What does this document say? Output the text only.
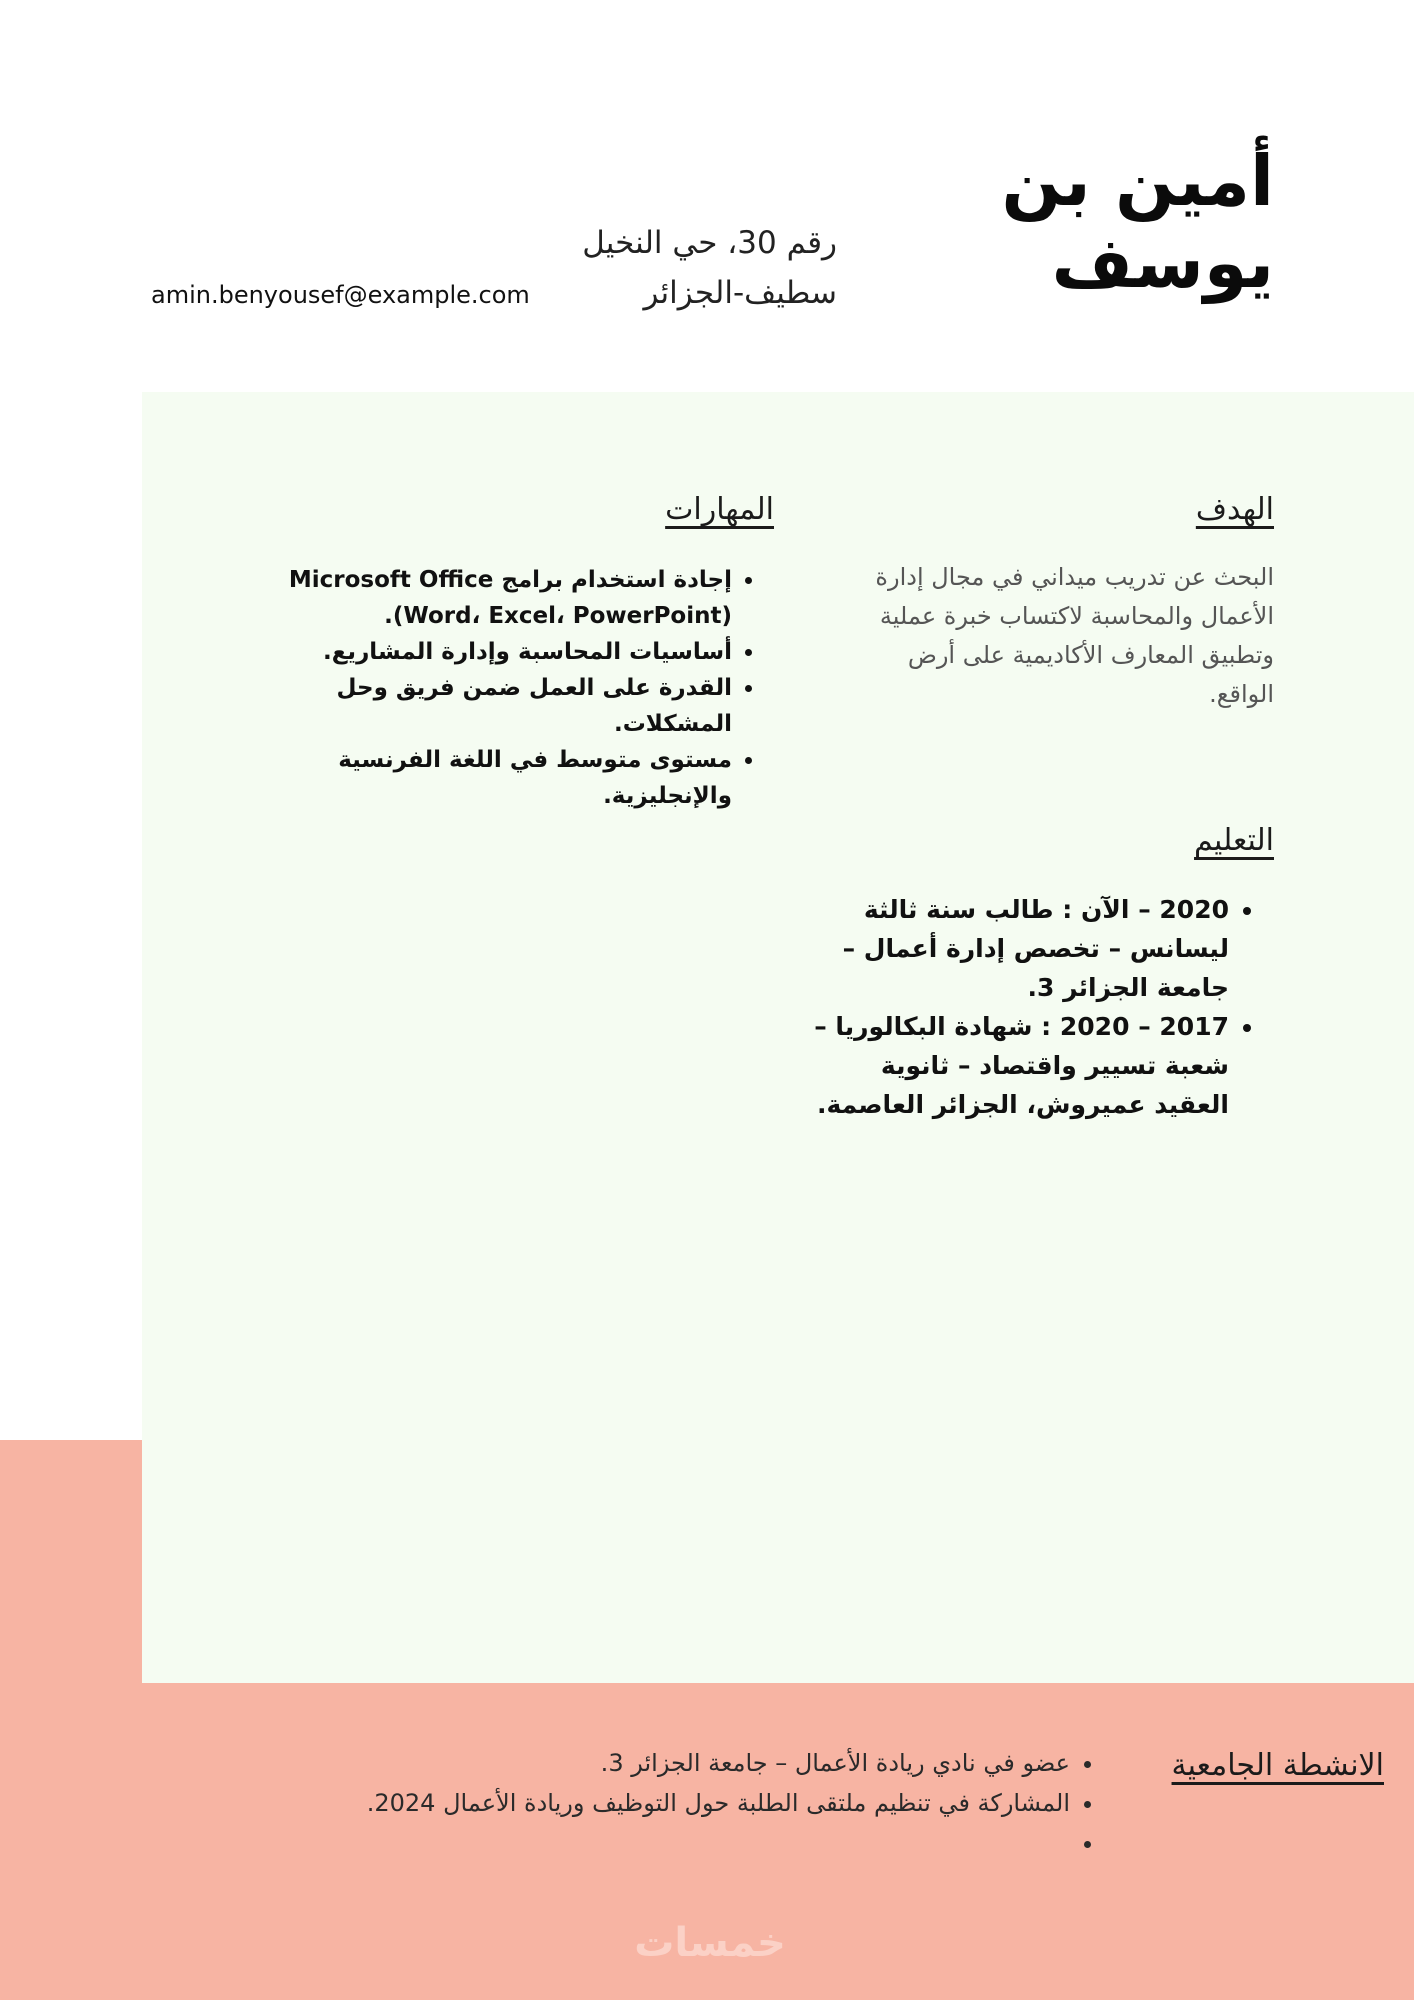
أمين بن
يوسف
رقم 30، حي النخيل
سطيف-الجزائر
amin.benyousef@example.com
الهدف

البحث عن تدريب ميداني في مجال إدارة الأعمال والمحاسبة لاكتساب خبرة عملية وتطبيق المعارف الأكاديمية على أرض الواقع.

التعليم
• 2020 – الآن : طالب سنة ثالثة ليسانس – تخصص إدارة أعمال – جامعة الجزائر 3.
• 2017 – 2020 : شهادة البكالوريا – شعبة تسيير واقتصاد – ثانوية العقيد عميروش، الجزائر العاصمة.
المهارات
• إجادة استخدام برامج Microsoft Office (Word، Excel، PowerPoint).
• أساسيات المحاسبة وإدارة المشاريع.
• القدرة على العمل ضمن فريق وحل المشكلات.
• مستوى متوسط في اللغة الفرنسية والإنجليزية.
الانشطة الجامعية
• عضو في نادي ريادة الأعمال – جامعة الجزائر 3.
• المشاركة في تنظيم ملتقى الطلبة حول التوظيف وريادة الأعمال 2024.
•
خمسات
